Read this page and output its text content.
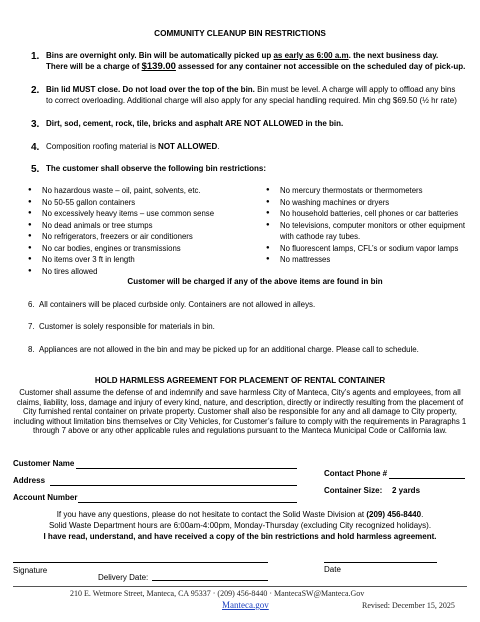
COMMUNITY CLEANUP BIN RESTRICTIONS
1. Bins are overnight only. Bin will be automatically picked up as early as 6:00 a.m. the next business day.
There will be a charge of $139.00 assessed for any container not accessible on the scheduled day of pick-up.
2. Bin lid MUST close. Do not load over the top of the bin. Bin must be level. A charge will apply to offload any bins
to correct overloading. Additional charge will also apply for any special handling required. Min chg $69.50 (½ hr rate)
3. Dirt, sod, cement, rock, tile, bricks and asphalt ARE NOT ALLOWED in the bin.
4. Composition roofing material is NOT ALLOWED.
5. The customer shall observe the following bin restrictions:
● No hazardous waste – oil, paint, solvents, etc.
● No 50-55 gallon containers
● No excessively heavy items – use common sense
● No dead animals or tree stumps
● No refrigerators, freezers or air conditioners
● No car bodies, engines or transmissions
● No items over 3 ft in length
● No tires allowed
● No mercury thermostats or thermometers
● No washing machines or dryers
● No household batteries, cell phones or car batteries
● No televisions, computer monitors or other equipment with cathode ray tubes.
● No fluorescent lamps, CFL’s or sodium vapor lamps
● No mattresses
Customer will be charged if any of the above items are found in bin
6. All containers will be placed curbside only. Containers are not allowed in alleys.
7. Customer is solely responsible for materials in bin.
8. Appliances are not allowed in the bin and may be picked up for an additional charge. Please call to schedule.
HOLD HARMLESS AGREEMENT FOR PLACEMENT OF RENTAL CONTAINER
Customer shall assume the defense of and indemnify and save harmless City of Manteca, City’s agents and employees, from all claims, liability, loss, damage and injury of every kind, nature, and description, directly or indirectly resulting from the placement of City furnished rental container on private property. Customer shall also be responsible for any and all damage to City property, including without limitation bins themselves or City Vehicles, for Customer’s failure to comply with the requirements in Paragraphs 1 through 7 above or any other applicable rules and regulations pursuant to the Manteca Municipal Code or California law.
Customer Name
Address
Account Number
Contact Phone #
Container Size: 2 yards
If you have any questions, please do not hesitate to contact the Solid Waste Division at (209) 456-8440.
Solid Waste Department hours are 6:00am-4:00pm, Monday-Thursday (excluding City recognized holidays).
I have read, understand, and have received a copy of the bin restrictions and hold harmless agreement.
Signature	Date
Delivery Date:
210 E. Wetmore Street, Manteca, CA 95337 · (209) 456-8440 · MantecaSW@Manteca.Gov
Manteca.gov	Revised: December 15, 2025
